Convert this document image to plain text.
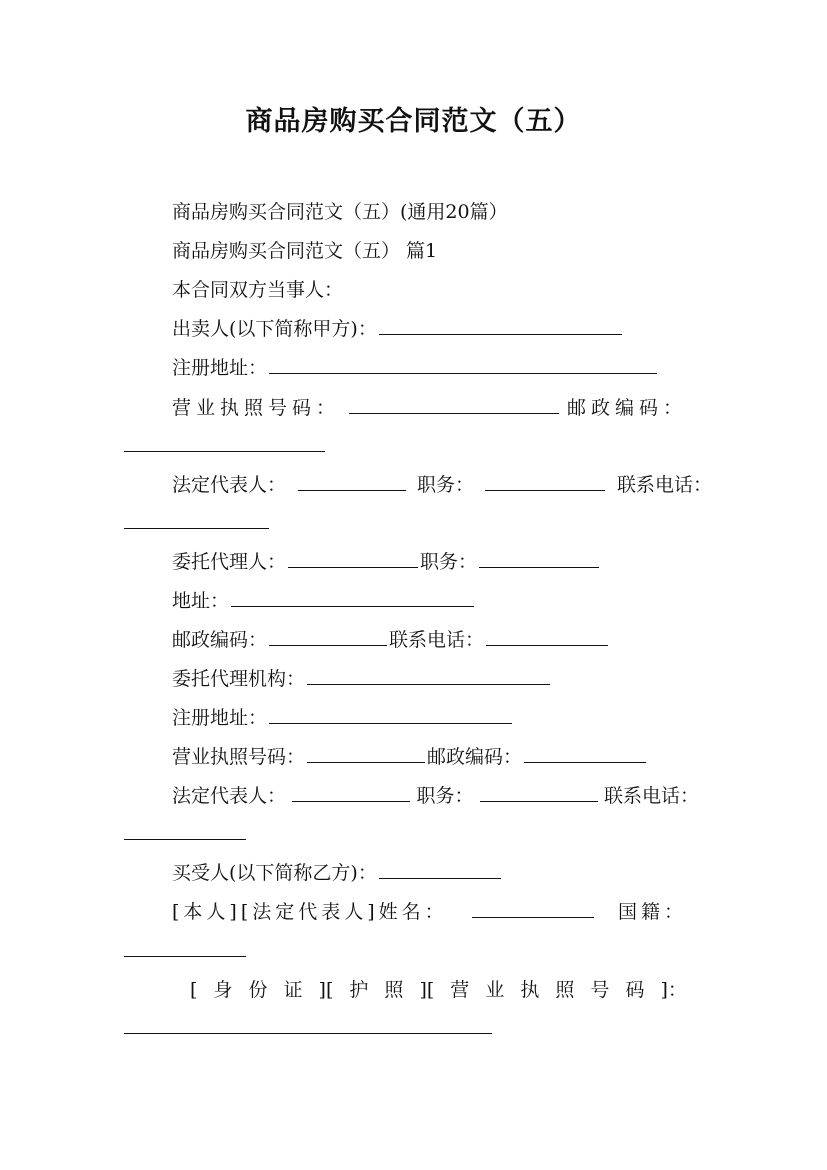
商品房购买合同范文（五）
商品房购买合同范文（五）(通用20篇）
商品房购买合同范文（五） 篇1
本合同双方当事人：
出卖人(以下简称甲方)：
注册地址：
营业执照号码：	邮政编码：
法定代表人：	职务：	联系电话：
委托代理人：	职务：
地址：
邮政编码：	联系电话：
委托代理机构：
注册地址：
营业执照号码：	邮政编码：
法定代表人：	职务：	联系电话：
买受人(以下简称乙方)：
[本人][法定代表人]姓名：	国籍：
[ 身 份 证 ][ 护 照 ][ 营 业 执 照 号 码 ]：
